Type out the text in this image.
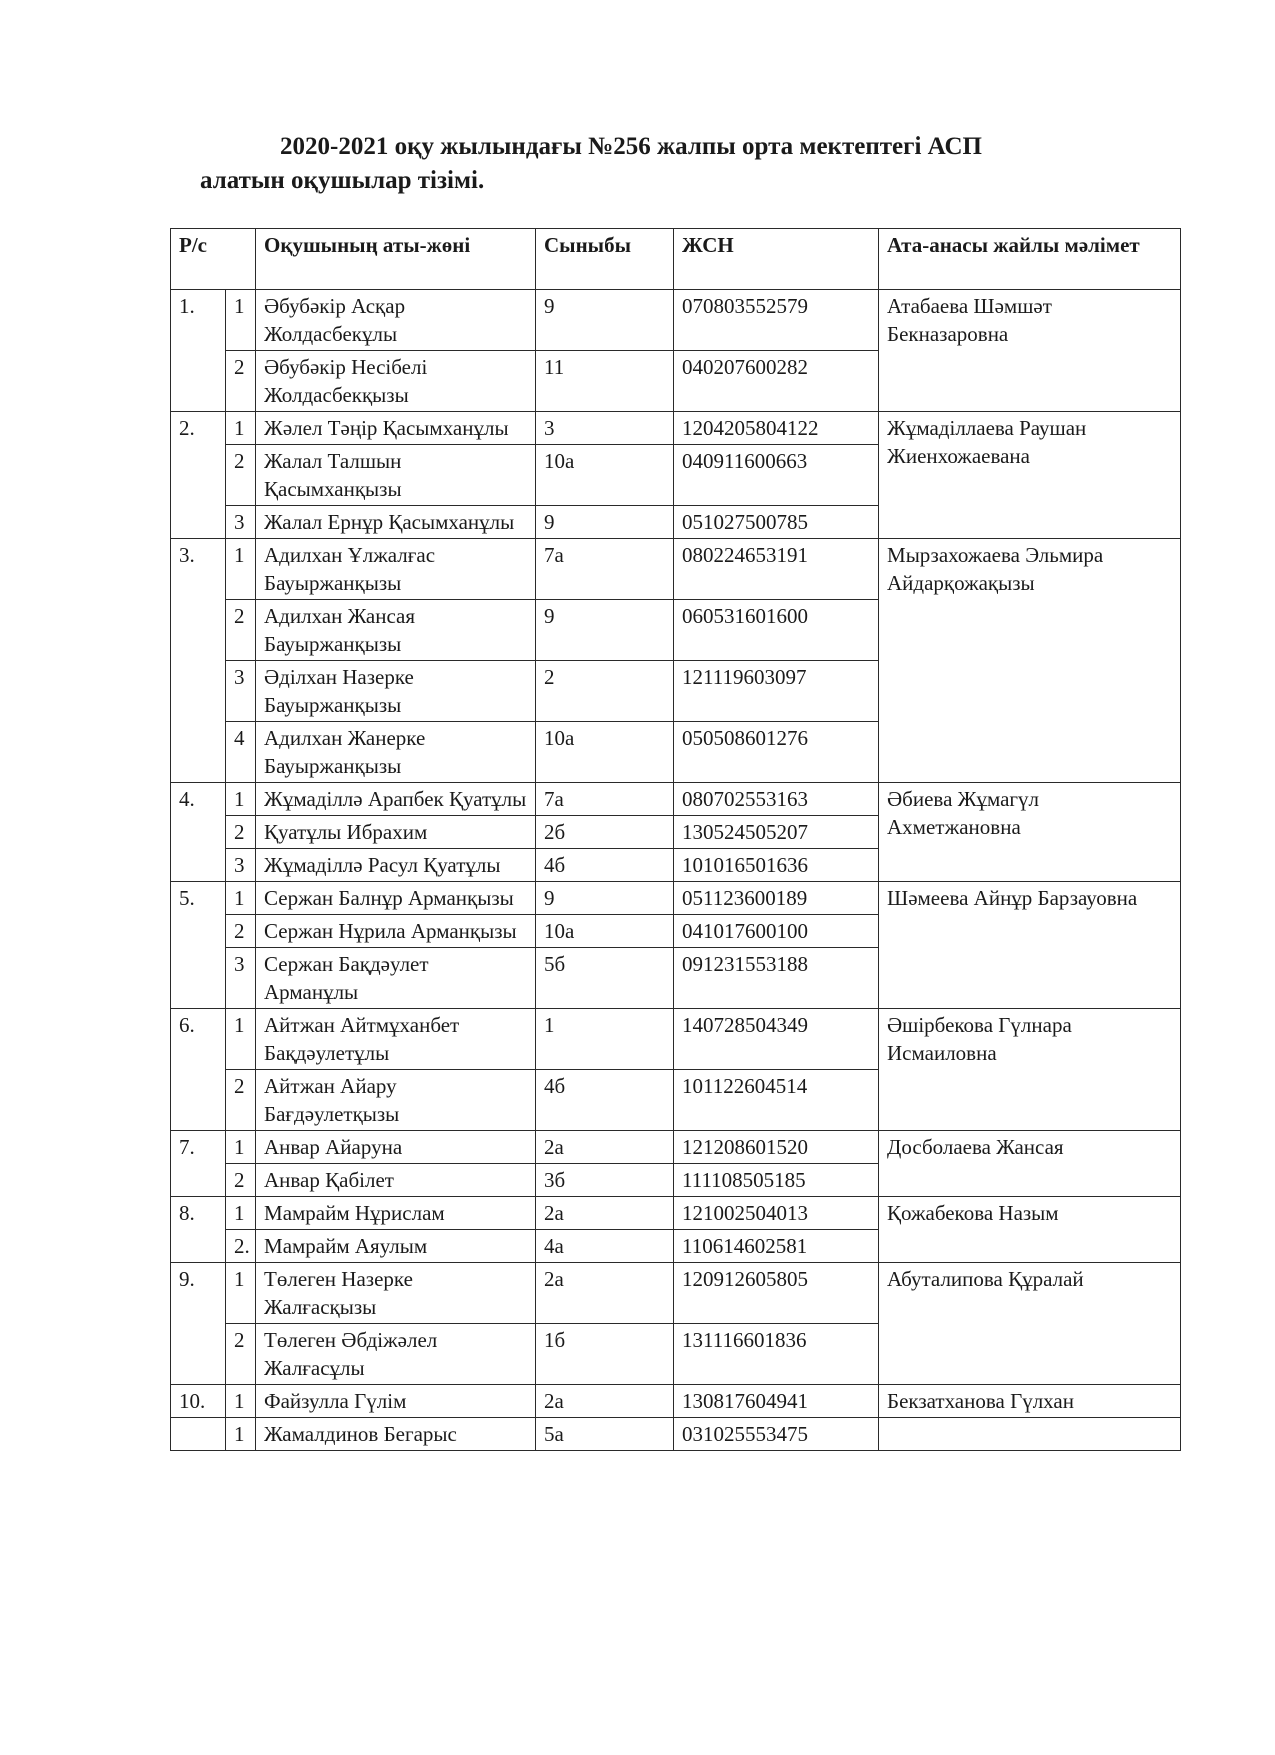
2020-2021 оқу жылындағы №256 жалпы орта мектептегі АСП
алатын оқушылар тізімі.
Р/с		Оқушының аты-жөні	Сыныбы	ЖСН	Ата-анасы жайлы мәлімет
1.	1	Әбубәкір Асқар Жолдасбекұлы	9	070803552579	Атабаева Шәмшәт Бекназаровна
	2	Әбубәкір Несібелі Жолдасбекқызы	11	040207600282	
2.	1	Жәлел Тәңір Қасымханұлы	3	1204205804122	Жұмаділлаева Раушан Жиенхожаевана
	2	Жалал Талшын Қасымханқызы	10а	040911600663	
	3	Жалал Ернұр Қасымханұлы	9	051027500785	
3.	1	Адилхан Ұлжалғас Бауыржанқызы	7а	080224653191	Мырзахожаева Эльмира Айдарқожақызы
	2	Адилхан Жансая Бауыржанқызы	9	060531601600	
	3	Әділхан Назерке Бауыржанқызы	2	121119603097	
	4	Адилхан Жанерке Бауыржанқызы	10а	050508601276	
4.	1	Жұмаділлә Арапбек Қуатұлы	7а	080702553163	Әбиева Жұмагүл Ахметжановна
	2	Қуатұлы Ибрахим	2б	130524505207	
	3	Жұмаділлә Расул Қуатұлы	4б	101016501636	
5.	1	Сержан Балнұр Арманқызы	9	051123600189	Шәмеева Айнұр Барзауовна
	2	Сержан Нұрила Арманқызы	10а	041017600100	
	3	Сержан Бақдәулет Арманұлы	5б	091231553188	
6.	1	Айтжан Айтмұханбет Бақдәулетұлы	1	140728504349	Әшірбекова Гүлнара Исмаиловна
	2	Айтжан Айару Бағдәулетқызы	4б	101122604514	
7.	1	Анвар Айаруна	2а	121208601520	Досболаева Жансая
	2	Анвар Қабілет	3б	111108505185	
8.	1	Мамрайм Нұрислам	2а	121002504013	Қожабекова Назым
	2.	Мамрайм Аяулым	4а	110614602581	
9.	1	Төлеген Назерке Жалғасқызы	2а	120912605805	Абуталипова Құралай
	2	Төлеген Әбдіжәлел Жалғасұлы	1б	131116601836	
10.	1	Файзулла Гүлім	2а	130817604941	Бекзатханова Гүлхан
	1	Жамалдинов Бегарыс	5а	031025553475	
